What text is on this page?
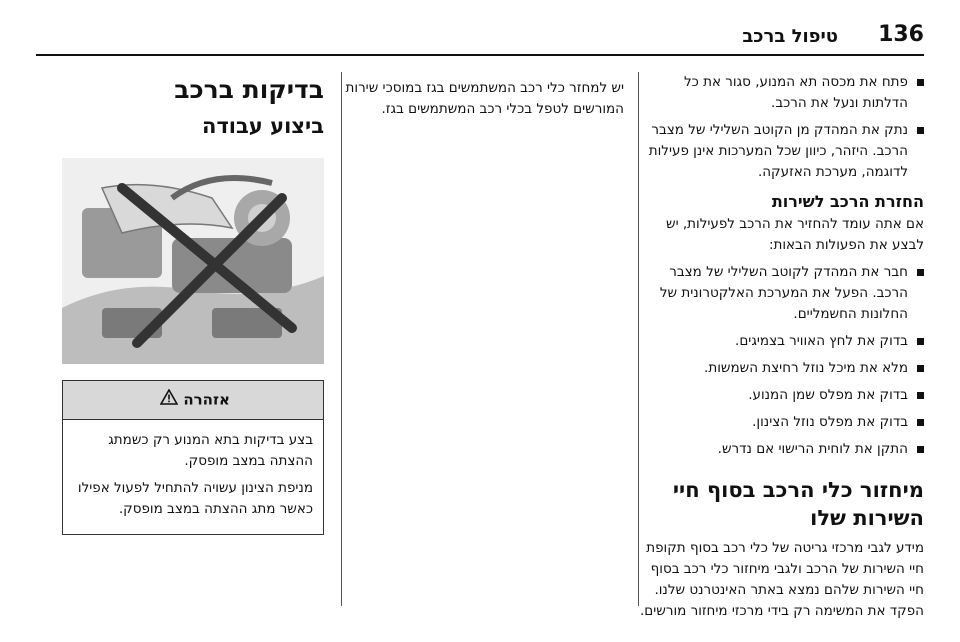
136
טיפול ברכב
פתח את מכסה תא המנוע, סגור את כל הדלתות ונעל את הרכב.
נתק את המהדק מן הקוטב השלילי של מצבר הרכב. היזהר, כיוון שכל המערכות אינן פעילות לדוגמה, מערכת האזעקה.
החזרת הרכב לשירות

אם אתה עומד להחזיר את הרכב לפעילות, יש לבצע את הפעולות הבאות:

חבר את המהדק לקוטב השלילי של מצבר הרכב. הפעל את המערכת האלקטרונית של החלונות החשמליים.
בדוק את לחץ האוויר בצמיגים.
מלא את מיכל נוזל רחיצת השמשות.
בדוק את מפלס שמן המנוע.
בדוק את מפלס נוזל הצינון.
התקן את לוחית הרישוי אם נדרש.
מיחזור כלי הרכב בסוף חיי השירות שלו

מידע לגבי מרכזי גריטה של כלי רכב בסוף תקופת חיי השירות של הרכב ולגבי מיחזור כלי רכב בסוף חיי השירות שלהם נמצא באתר האינטרנט שלנו. הפקד את המשימה רק בידי מרכזי מיחזור מורשים.

יש למחזר כלי רכב המשתמשים בגז במוסכי שירות המורשים לטפל בכלי רכב המשתמשים בגז.

בדיקות ברכב
ביצוע עבודה
אזהרה

בצע בדיקות בתא המנוע רק כשמתג ההצתה במצב מופסק.

מניפת הצינון עשויה להתחיל לפעול אפילו כאשר מתג ההצתה במצב מופסק.
